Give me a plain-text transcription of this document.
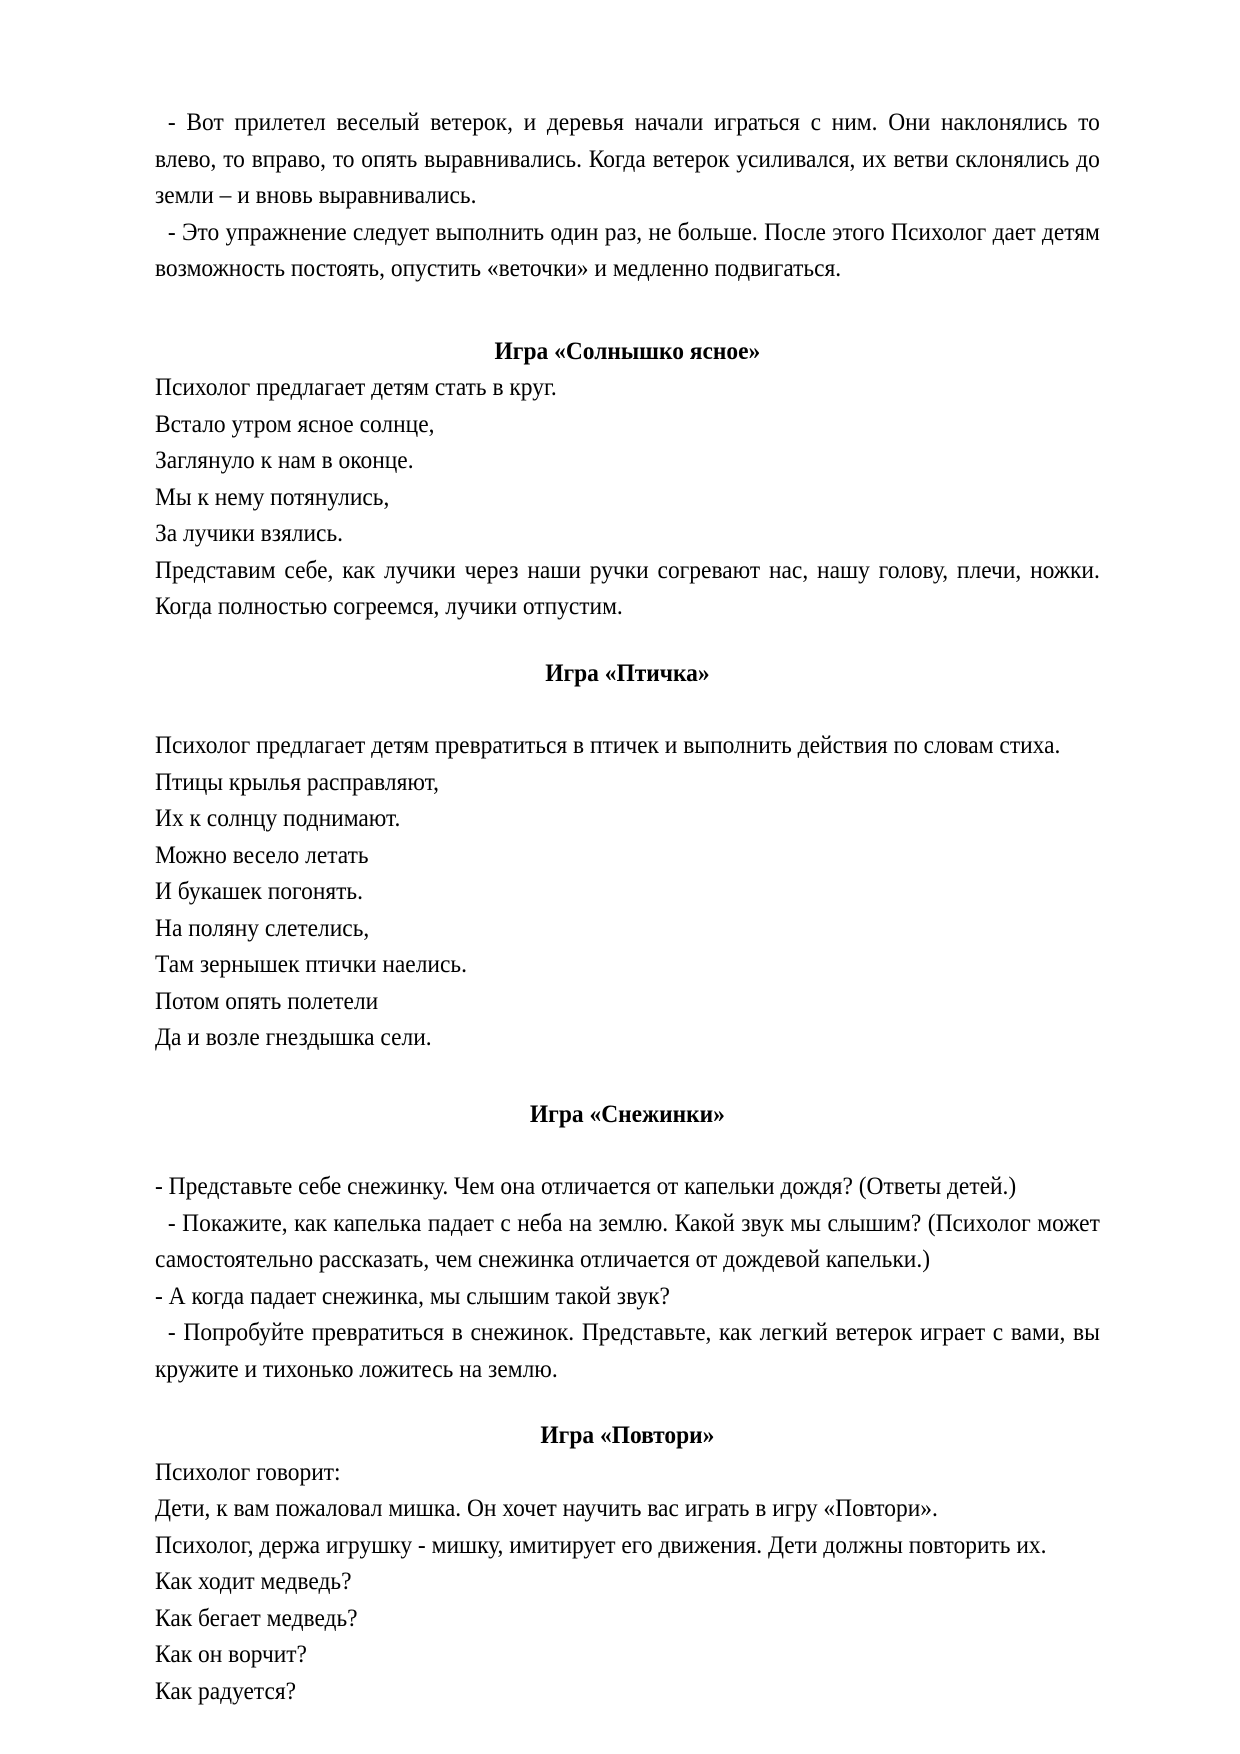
- Вот прилетел веселый ветерок, и деревья начали играться с ним. Они наклонялись то влево, то вправо, то опять выравнивались. Когда ветерок усиливался, их ветви склонялись до земли – и вновь выравнивались.

- Это упражнение следует выполнить один раз, не больше. После этого Психолог дает детям возможность постоять, опустить «веточки» и медленно подвигаться.

Игра «Солнышко ясное»

Психолог предлагает детям стать в круг.

Встало утром ясное солнце,

Заглянуло к нам в оконце.

Мы к нему потянулись,

За лучики взялись.

Представим себе, как лучики через наши ручки согревают нас, нашу голову, плечи, ножки. Когда полностью согреемся, лучики отпустим.

Игра «Птичка»

Психолог предлагает детям превратиться в птичек и выполнить действия по словам стиха.

Птицы крылья расправляют,

Их к солнцу поднимают.

Можно весело летать

И букашек погонять.

На поляну слетелись,

Там зернышек птички наелись.

Потом опять полетели

Да и возле гнездышка сели.

Игра «Снежинки»

- Представьте себе снежинку. Чем она отличается от капельки дождя? (Ответы детей.)

- Покажите, как капелька падает с неба на землю. Какой звук мы слышим? (Психолог может самостоятельно рассказать, чем снежинка отличается от дождевой капельки.)

- А когда падает снежинка, мы слышим такой звук?

- Попробуйте превратиться в снежинок. Представьте, как легкий ветерок играет с вами, вы кружите и тихонько ложитесь на землю.

Игра «Повтори»

Психолог говорит:

Дети, к вам пожаловал мишка. Он хочет научить вас играть в игру «Повтори».

Психолог, держа игрушку - мишку, имитирует его движения. Дети должны повторить их.

Как ходит медведь?

Как бегает медведь?

Как он ворчит?

Как радуется?
